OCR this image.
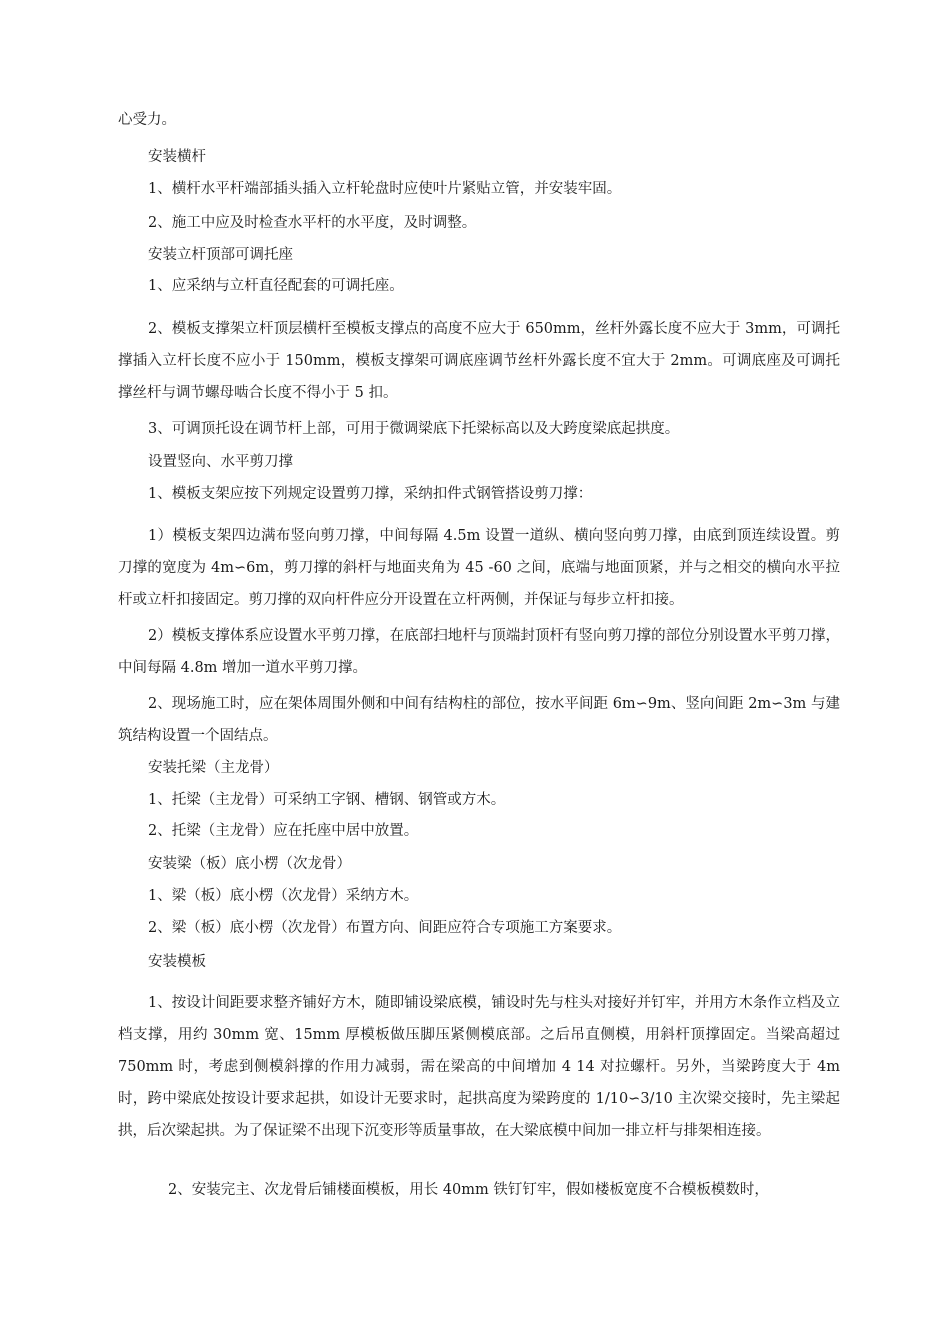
心受力。

安装横杆

1、横杆水平杆端部插头插入立杆轮盘时应使叶片紧贴立管，并安装牢固。

2、施工中应及时检查水平杆的水平度，及时调整。

安装立杆顶部可调托座

1、应采纳与立杆直径配套的可调托座。

2、模板支撑架立杆顶层横杆至模板支撑点的高度不应大于 650mm，丝杆外露长度不应大于 3mm，可调托撑插入立杆长度不应小于 150mm，模板支撑架可调底座调节丝杆外露长度不宜大于 2mm。可调底座及可调托撑丝杆与调节螺母啮合长度不得小于 5 扣。

3、可调顶托设在调节杆上部，可用于微调梁底下托梁标高以及大跨度梁底起拱度。

设置竖向、水平剪刀撑

1、模板支架应按下列规定设置剪刀撑，采纳扣件式钢管搭设剪刀撑：

1）模板支架四边满布竖向剪刀撑，中间每隔 4.5m 设置一道纵、横向竖向剪刀撑，由底到顶连续设置。剪刀撑的宽度为 4m∽6m，剪刀撑的斜杆与地面夹角为 45 -60 之间，底端与地面顶紧，并与之相交的横向水平拉杆或立杆扣接固定。剪刀撑的双向杆件应分开设置在立杆两侧，并保证与每步立杆扣接。

2）模板支撑体系应设置水平剪刀撑，在底部扫地杆与顶端封顶杆有竖向剪刀撑的部位分别设置水平剪刀撑，中间每隔 4.8m 增加一道水平剪刀撑。

2、现场施工时，应在架体周围外侧和中间有结构柱的部位，按水平间距 6m∽9m、竖向间距 2m∽3m 与建筑结构设置一个固结点。

安装托梁（主龙骨）

1、托梁（主龙骨）可采纳工字钢、槽钢、钢管或方木。

2、托梁（主龙骨）应在托座中居中放置。

安装梁（板）底小楞（次龙骨）

1、梁（板）底小楞（次龙骨）采纳方木。

2、梁（板）底小楞（次龙骨）布置方向、间距应符合专项施工方案要求。

安装模板

1、按设计间距要求整齐铺好方木，随即铺设梁底模，铺设时先与柱头对接好并钉牢，并用方木条作立档及立档支撑，用约 30mm 宽、15mm 厚模板做压脚压紧侧模底部。之后吊直侧模，用斜杆顶撑固定。当梁高超过 750mm 时，考虑到侧模斜撑的作用力减弱，需在梁高的中间增加 4 14 对拉螺杆。另外，当梁跨度大于 4m 时，跨中梁底处按设计要求起拱，如设计无要求时，起拱高度为梁跨度的 1/10∽3/10 主次梁交接时，先主梁起拱，后次梁起拱。为了保证梁不出现下沉变形等质量事故，在大梁底模中间加一排立杆与排架相连接。

2、安装完主、次龙骨后铺楼面模板，用长 40mm 铁钉钉牢，假如楼板宽度不合模板模数时，
